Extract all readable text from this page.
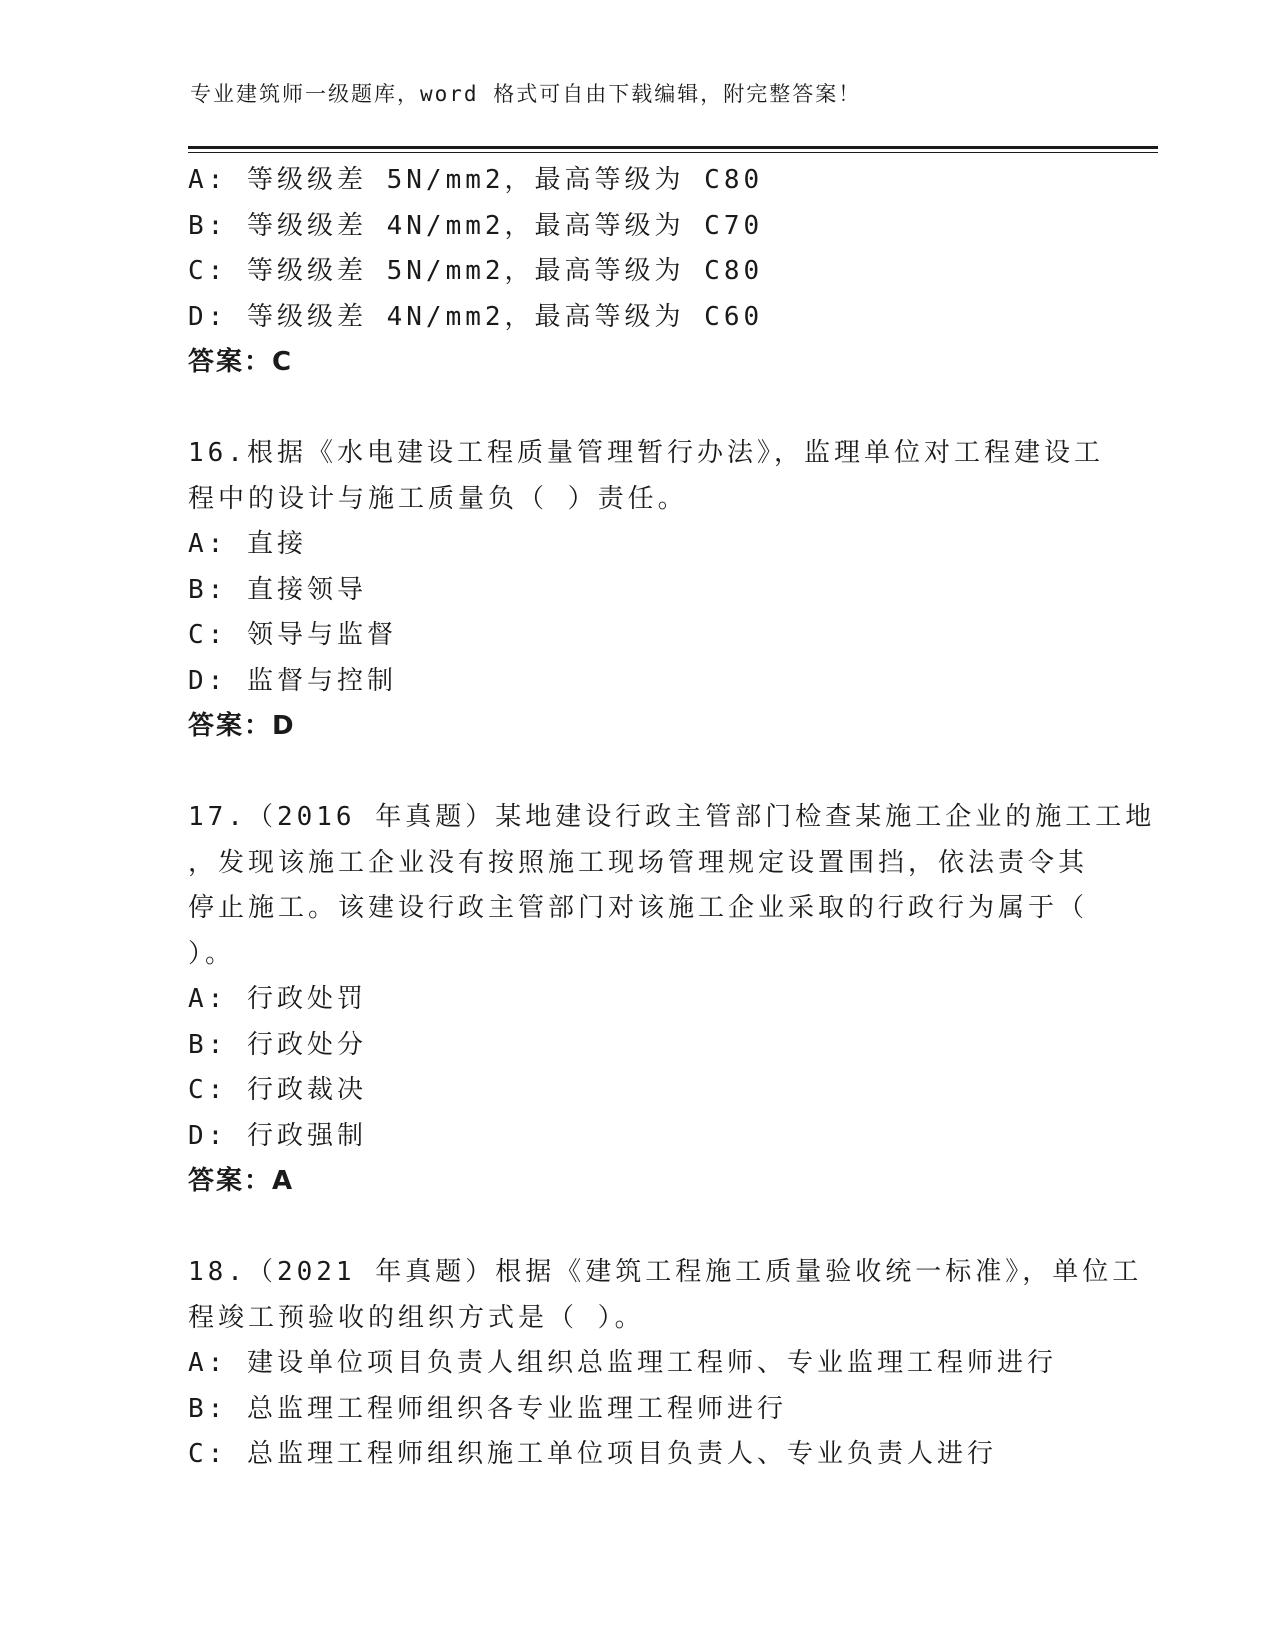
专业建筑师一级题库，word 格式可自由下载编辑，附完整答案！
A: 等级级差 5N/mm2，最高等级为 C80
B: 等级级差 4N/mm2，最高等级为 C70
C: 等级级差 5N/mm2，最高等级为 C80
D: 等级级差 4N/mm2，最高等级为 C60
答案：C
16.根据《水电建设工程质量管理暂行办法》，监理单位对工程建设工
程中的设计与施工质量负（ ）责任。
A: 直接
B: 直接领导
C: 领导与监督
D: 监督与控制
答案：D
17.（2016 年真题）某地建设行政主管部门检查某施工企业的施工工地
，发现该施工企业没有按照施工现场管理规定设置围挡，依法责令其
停止施工。该建设行政主管部门对该施工企业采取的行政行为属于（
）。
A: 行政处罚
B: 行政处分
C: 行政裁决
D: 行政强制
答案：A
18.（2021 年真题）根据《建筑工程施工质量验收统一标准》，单位工
程竣工预验收的组织方式是（ ）。
A: 建设单位项目负责人组织总监理工程师、专业监理工程师进行
B: 总监理工程师组织各专业监理工程师进行
C: 总监理工程师组织施工单位项目负责人、专业负责人进行
